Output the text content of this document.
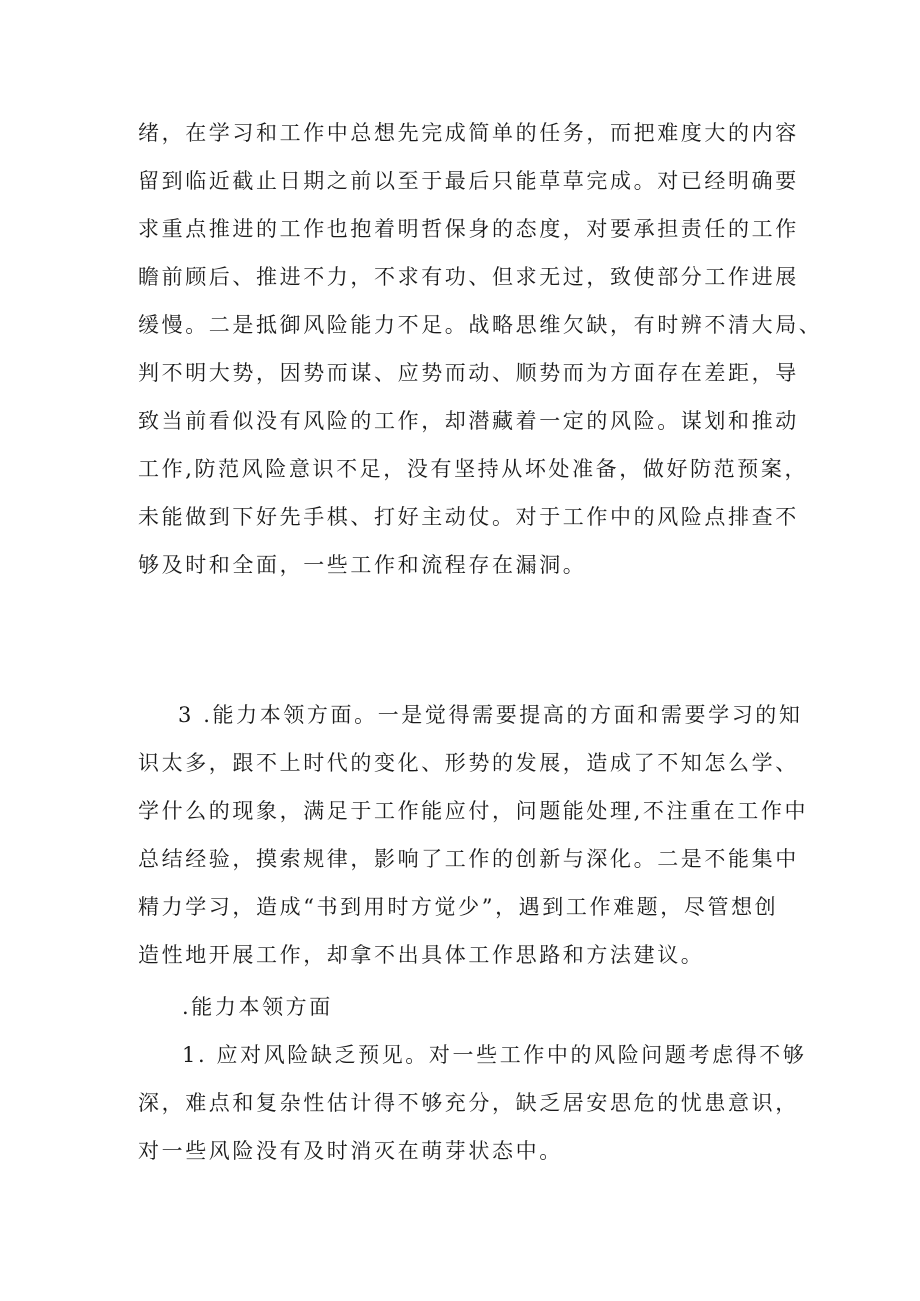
绪，在学习和工作中总想先完成简单的任务，而把难度大的内容
留到临近截止日期之前以至于最后只能草草完成。对已经明确要
求重点推进的工作也抱着明哲保身的态度，对要承担责任的工作
瞻前顾后、推进不力，不求有功、但求无过，致使部分工作进展
缓慢。二是抵御风险能力不足。战略思维欠缺，有时辨不清大局、
判不明大势，因势而谋、应势而动、顺势而为方面存在差距，导
致当前看似没有风险的工作，却潜藏着一定的风险。谋划和推动
工作,防范风险意识不足，没有坚持从坏处准备，做好防范预案，
未能做到下好先手棋、打好主动仗。对于工作中的风险点排查不
够及时和全面，一些工作和流程存在漏洞。
3 .能力本领方面。一是觉得需要提高的方面和需要学习的知
识太多，跟不上时代的变化、形势的发展，造成了不知怎么学、
学什么的现象，满足于工作能应付，问题能处理,不注重在工作中
总结经验，摸索规律，影响了工作的创新与深化。二是不能集中
精力学习，造成“书到用时方觉少”，遇到工作难题，尽管想创
造性地开展工作，却拿不出具体工作思路和方法建议。
.能力本领方面
1. 应对风险缺乏预见。对一些工作中的风险问题考虑得不够
深，难点和复杂性估计得不够充分，缺乏居安思危的忧患意识，
对一些风险没有及时消灭在萌芽状态中。
